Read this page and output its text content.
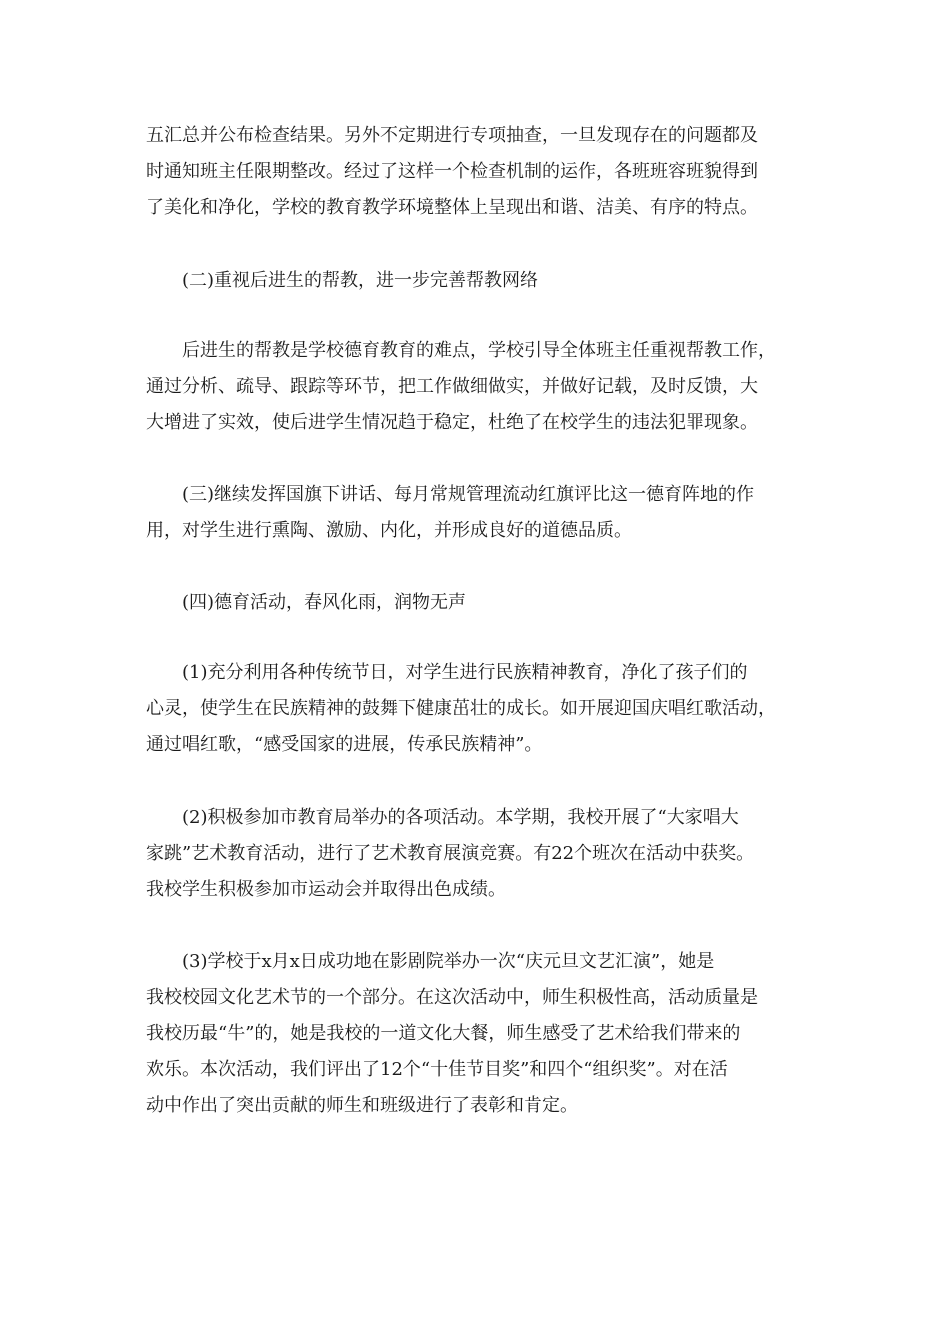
五汇总并公布检查结果。另外不定期进行专项抽查，一旦发现存在的问题都及
时通知班主任限期整改。经过了这样一个检查机制的运作，各班班容班貌得到
了美化和净化，学校的教育教学环境整体上呈现出和谐、洁美、有序的特点。
　　(二)重视后进生的帮教，进一步完善帮教网络
　　后进生的帮教是学校德育教育的难点，学校引导全体班主任重视帮教工作，
通过分析、疏导、跟踪等环节，把工作做细做实，并做好记载，及时反馈，大
大增进了实效，使后进学生情况趋于稳定，杜绝了在校学生的违法犯罪现象。
　　(三)继续发挥国旗下讲话、每月常规管理流动红旗评比这一德育阵地的作
用，对学生进行熏陶、激励、内化，并形成良好的道德品质。
　　(四)德育活动，春风化雨，润物无声
　　(1)充分利用各种传统节日，对学生进行民族精神教育，净化了孩子们的
心灵，使学生在民族精神的鼓舞下健康茁壮的成长。如开展迎国庆唱红歌活动，
通过唱红歌，“感受国家的进展，传承民族精神”。
　　(2)积极参加市教育局举办的各项活动。本学期，我校开展了“大家唱大
家跳”艺术教育活动，进行了艺术教育展演竞赛。有22个班次在活动中获奖。
我校学生积极参加市运动会并取得出色成绩。
　　(3)学校于x月x日成功地在影剧院举办一次“庆元旦文艺汇演”，她是
我校校园文化艺术节的一个部分。在这次活动中，师生积极性高，活动质量是
我校历最“牛”的，她是我校的一道文化大餐，师生感受了艺术给我们带来的
欢乐。本次活动，我们评出了12个“十佳节目奖”和四个“组织奖”。对在活
动中作出了突出贡献的师生和班级进行了表彰和肯定。
